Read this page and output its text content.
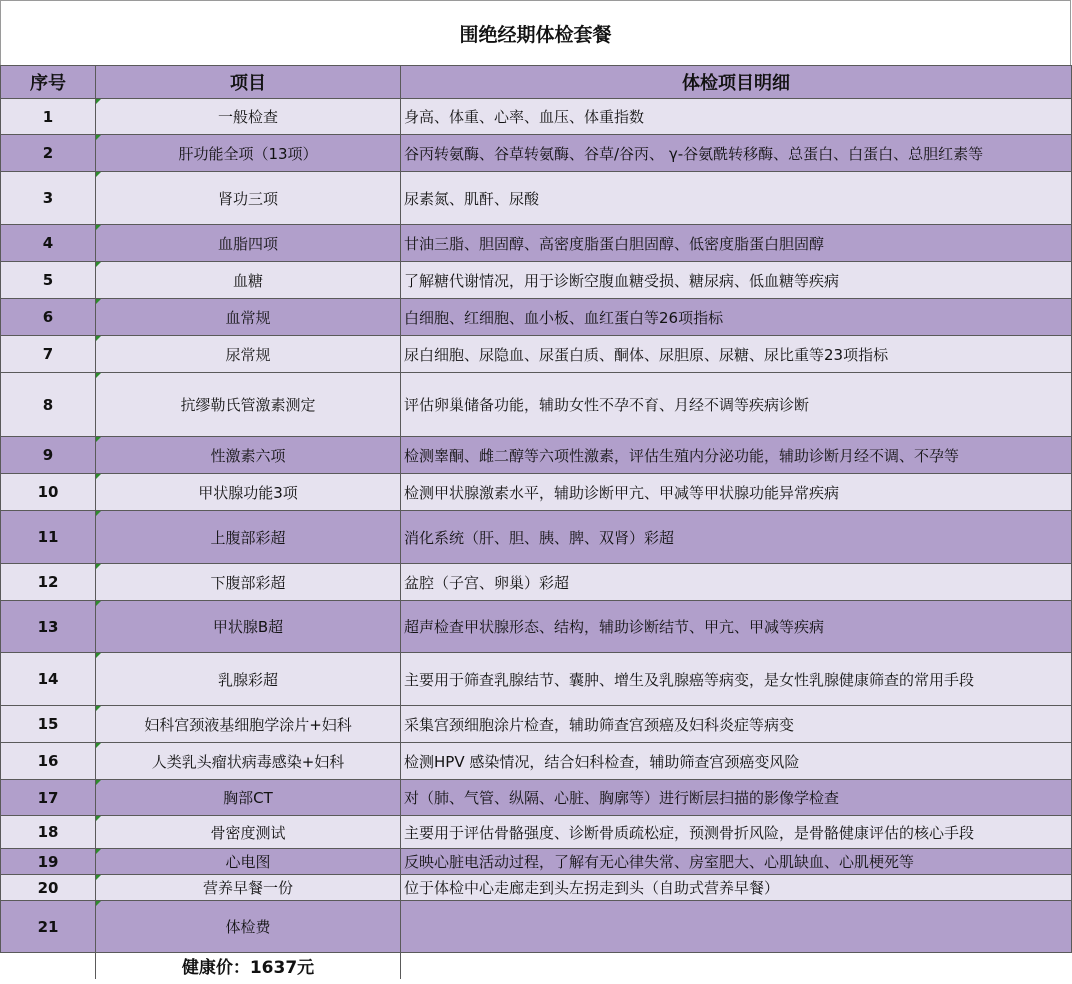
围绝经期体检套餐
序号	项目	体检项目明细
1	一般检查	身高、体重、心率、血压、体重指数
2	肝功能全项（13项）	谷丙转氨酶、谷草转氨酶、谷草/谷丙、 γ-谷氨酰转移酶、总蛋白、白蛋白、总胆红素等
3	肾功三项	尿素氮、肌酐、尿酸
4	血脂四项	甘油三脂、胆固醇、高密度脂蛋白胆固醇、低密度脂蛋白胆固醇
5	血糖	了解糖代谢情况，用于诊断空腹血糖受损、糖尿病、低血糖等疾病
6	血常规	白细胞、红细胞、血小板、血红蛋白等26项指标
7	尿常规	尿白细胞、尿隐血、尿蛋白质、酮体、尿胆原、尿糖、尿比重等23项指标
8	抗缪勒氏管激素测定	评估卵巢储备功能，辅助女性不孕不育、月经不调等疾病诊断
9	性激素六项	检测睾酮、雌二醇等六项性激素，评估生殖内分泌功能，辅助诊断月经不调、不孕等
10	甲状腺功能3项	检测甲状腺激素水平，辅助诊断甲亢、甲减等甲状腺功能异常疾病
11	上腹部彩超	消化系统（肝、胆、胰、脾、双肾）彩超
12	下腹部彩超	盆腔（子宫、卵巢）彩超
13	甲状腺B超	超声检查甲状腺形态、结构，辅助诊断结节、甲亢、甲减等疾病
14	乳腺彩超	主要用于筛查乳腺结节、囊肿、增生及乳腺癌等病变，是女性乳腺健康筛查的常用手段
15	妇科宫颈液基细胞学涂片+妇科	采集宫颈细胞涂片检查，辅助筛查宫颈癌及妇科炎症等病变
16	人类乳头瘤状病毒感染+妇科	检测HPV 感染情况，结合妇科检查，辅助筛查宫颈癌变风险
17	胸部CT	对（肺、气管、纵隔、心脏、胸廓等）进行断层扫描的影像学检查
18	骨密度测试	主要用于评估骨骼强度、诊断骨质疏松症，预测骨折风险，是骨骼健康评估的核心手段
19	心电图	反映心脏电活动过程，了解有无心律失常、房室肥大、心肌缺血、心肌梗死等
20	营养早餐一份	位于体检中心走廊走到头左拐走到头（自助式营养早餐）
21	体检费	
	健康价：1637元	
